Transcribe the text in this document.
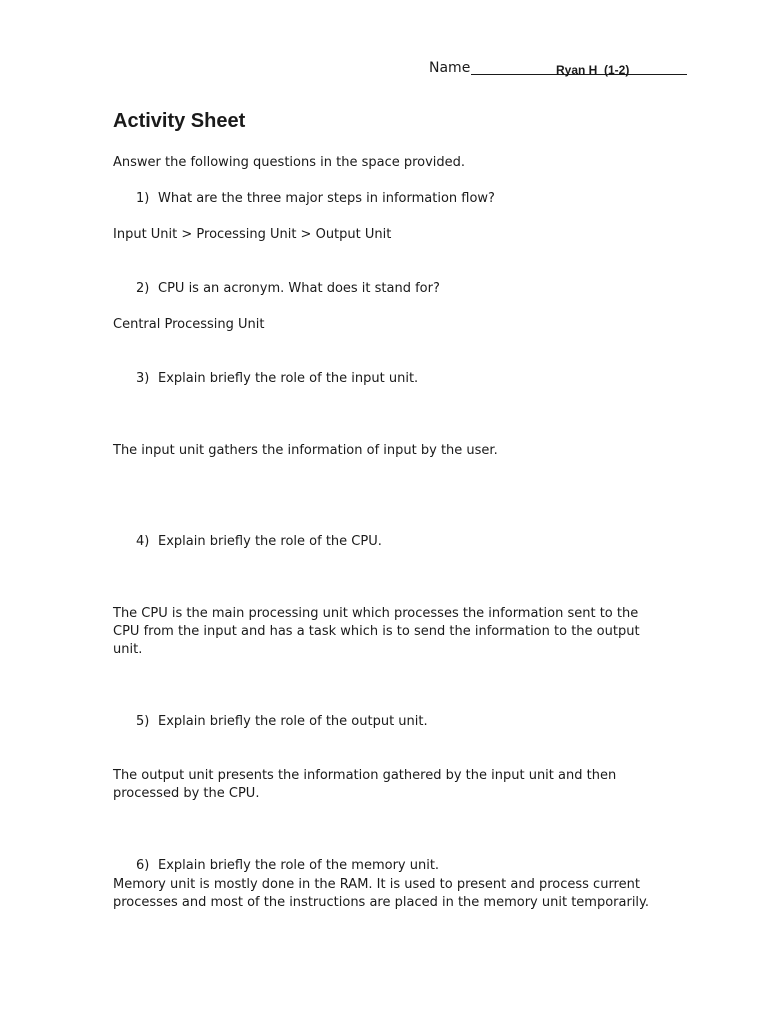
Name	Ryan H  (1-2)
Activity Sheet
Answer the following questions in the space provided.
1) What are the three major steps in information flow?
Input Unit > Processing Unit > Output Unit
2) CPU is an acronym. What does it stand for?
Central Processing Unit
3) Explain briefly the role of the input unit.
The input unit gathers the information of input by the user.
4) Explain briefly the role of the CPU.
The CPU is the main processing unit which processes the information sent to the CPU from the input and has a task which is to send the information to the output unit.
5) Explain briefly the role of the output unit.
The output unit presents the information gathered by the input unit and then processed by the CPU.
6) Explain briefly the role of the memory unit.
Memory unit is mostly done in the RAM. It is used to present and process current processes and most of the instructions are placed in the memory unit temporarily.
